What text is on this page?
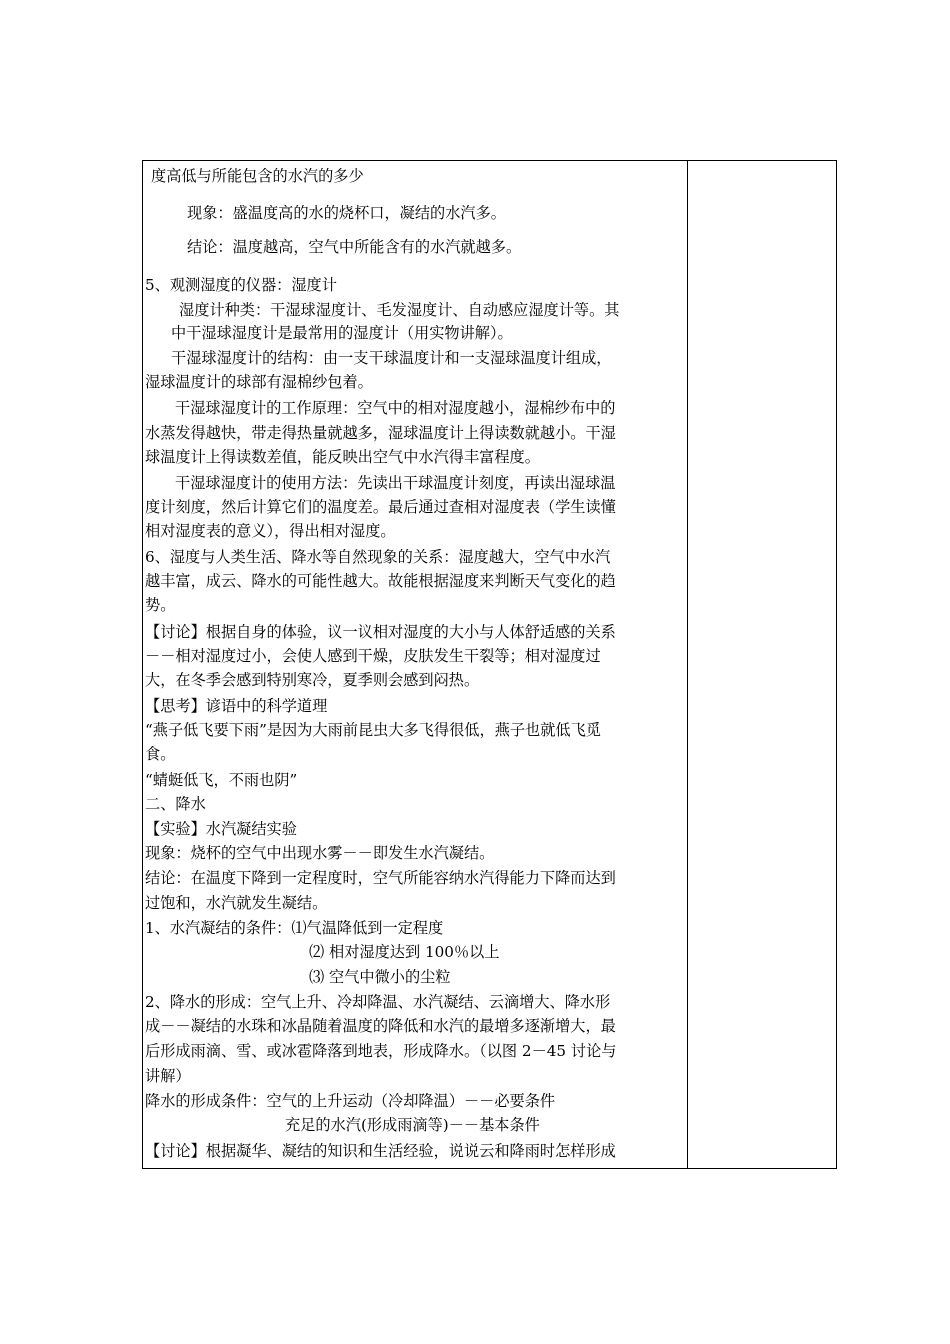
度高低与所能包含的水汽的多少
现象：盛温度高的水的烧杯口，凝结的水汽多。
结论：温度越高，空气中所能含有的水汽就越多。
5、观测湿度的仪器：湿度计
湿度计种类：干湿球湿度计、毛发湿度计、自动感应湿度计等。其
中干湿球湿度计是最常用的湿度计（用实物讲解）。
干湿球湿度计的结构：由一支干球温度计和一支湿球温度计组成，
湿球温度计的球部有湿棉纱包着。
干湿球湿度计的工作原理：空气中的相对湿度越小，湿棉纱布中的
水蒸发得越快，带走得热量就越多，湿球温度计上得读数就越小。干湿
球温度计上得读数差值，能反映出空气中水汽得丰富程度。
干湿球湿度计的使用方法：先读出干球温度计刻度，再读出湿球温
度计刻度，然后计算它们的温度差。最后通过查相对湿度表（学生读懂
相对湿度表的意义），得出相对湿度。
6、湿度与人类生活、降水等自然现象的关系：湿度越大，空气中水汽
越丰富，成云、降水的可能性越大。故能根据湿度来判断天气变化的趋
势。
【讨论】根据自身的体验，议一议相对湿度的大小与人体舒适感的关系
－－相对湿度过小，会使人感到干燥，皮肤发生干裂等；相对湿度过
大，在冬季会感到特别寒冷，夏季则会感到闷热。
【思考】谚语中的科学道理
“燕子低飞要下雨”是因为大雨前昆虫大多飞得很低，燕子也就低飞觅
食。
“蜻蜓低飞，不雨也阴”
二、降水
【实验】水汽凝结实验
现象：烧杯的空气中出现水雾－－即发生水汽凝结。
结论：在温度下降到一定程度时，空气所能容纳水汽得能力下降而达到
过饱和，水汽就发生凝结。
1、水汽凝结的条件：⑴气温降低到一定程度
⑵ 相对湿度达到 100％以上
⑶ 空气中微小的尘粒
2、降水的形成：空气上升、冷却降温、水汽凝结、云滴增大、降水形
成－－凝结的水珠和冰晶随着温度的降低和水汽的最增多逐渐增大，最
后形成雨滴、雪、或冰雹降落到地表，形成降水。（以图 2－45 讨论与
讲解）
降水的形成条件：空气的上升运动（冷却降温）－－必要条件
充足的水汽(形成雨滴等)－－基本条件
【讨论】根据凝华、凝结的知识和生活经验，说说云和降雨时怎样形成
